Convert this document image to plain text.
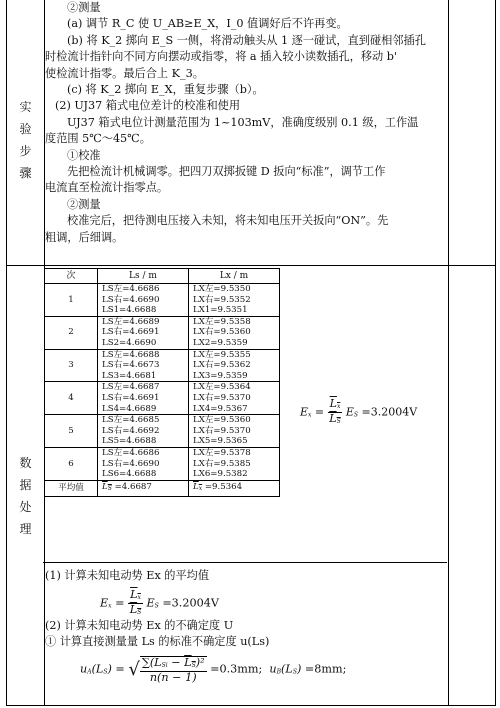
实
验
步
骤
数
据
处
理
②测量
(a) 调节 R_C 使 U_AB≥E_X，I_0 值调好后不许再变。
(b) 将 K_2 掷向 E_S 一侧，将滑动触头从 1 逐一碰试，直到碰相邻插孔
时检流计指针向不同方向摆动或指零，将 a 插入较小读数插孔，移动 b'
使检流计指零。最后合上 K_3。
(c) 将 K_2 掷向 E_X，重复步骤（b）。
(2) UJ37 箱式电位差计的校准和使用
UJ37 箱式电位计测量范围为 1~103mV，准确度级别 0.1 级，工作温
度范围 5℃～45℃。
①校准
先把检流计机械调零。把四刀双掷扳键 D 扳向“标准”，调节工作
电流直至检流计指零点。
②测量
校准完后，把待测电压接入未知，将未知电压开关扳向“ON”。先
粗调，后细调。
次	Ls / m	Lx / m
1	LS左=4.6686
LS右=4.6690
LS1=4.6688	LX左=9.5350
LX右=9.5352
LX1=9.5351

2	LS左=4.6689
LS右=4.6691
LS2=4.6690	LX左=9.5358
LX右=9.5360
LX2=9.5359

3	LS左=4.6688
LS右=4.6673
LS3=4.6681	LX左=9.5355
LX右=9.5362
LX3=9.5359

4	LS左=4.6687
LS右=4.6691
LS4=4.6689	LX左=9.5364
LX右=9.5370
LX4=9.5367

5	LS左=4.6685
LS右=4.6692
LS5=4.6688	LX左=9.5360
LX右=9.5370
LX5=9.5365

6	LS左=4.6686
LS右=4.6690
LS6=4.6688	LX左=9.5378
LX右=9.5385
LX6=9.5382

平均值	LS =4.6687	Lx =9.5364
$Ex = \frac{Lx}{LS}$ ES =3.2004V
(1) 计算未知电动势 Ex 的平均值
$Ex = \frac{Lx}{LS}$ ES =3.2004V
(2) 计算未知电动势 Ex 的不确定度 U
① 计算直接测量量 Ls 的标准不确定度 u(Ls)
uA(LS) = √ $\frac{\text{∑(LSi − LS)²}}{n(n - 1)} =0.3mm$;  uB(LS) =8mm;
